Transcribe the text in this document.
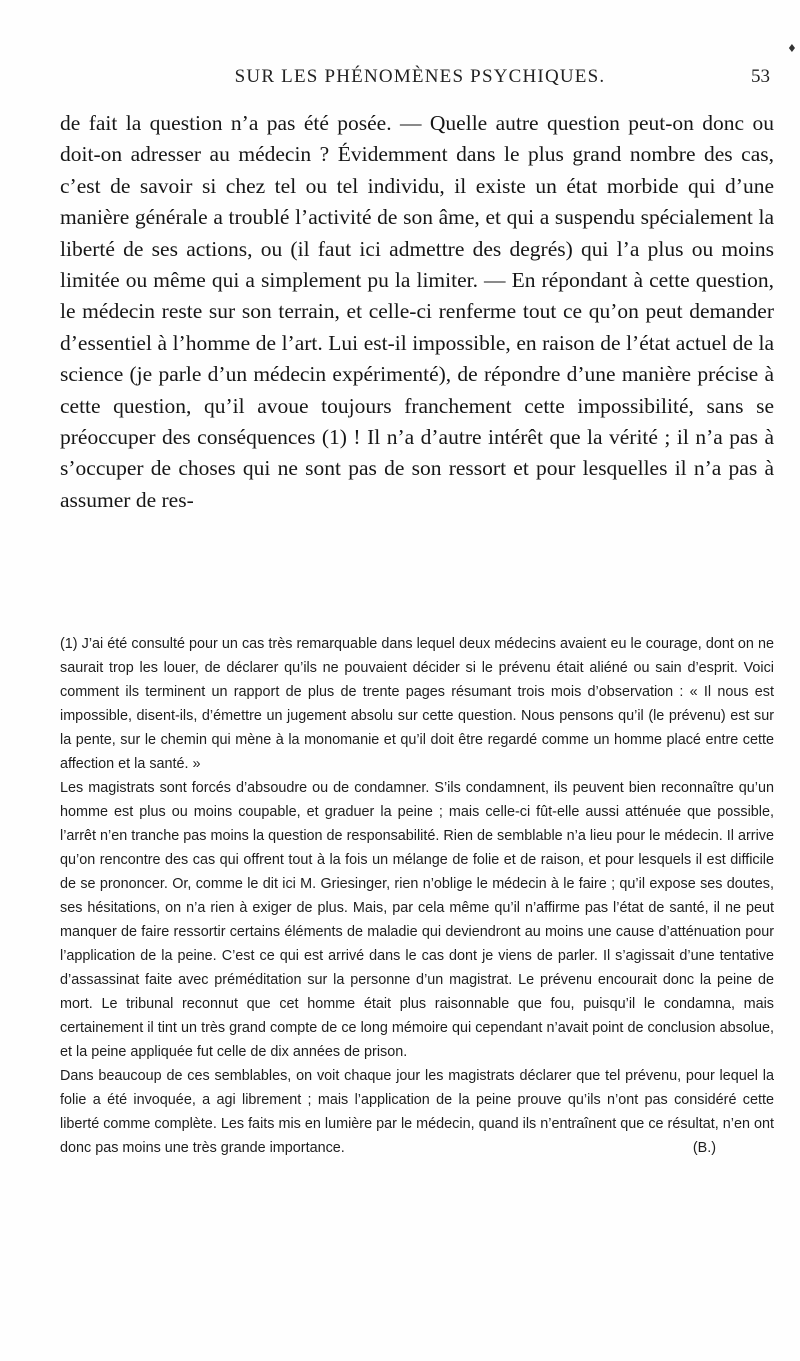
♦
SUR LES PHÉNOMÈNES PSYCHIQUES.	53

de fait la question n’a pas été posée. — Quelle autre question peut-on donc ou doit-on adresser au médecin ? Évidemment dans le plus grand nombre des cas, c’est de savoir si chez tel ou tel individu, il existe un état morbide qui d’une manière générale a troublé l’activité de son âme, et qui a suspendu spécialement la liberté de ses actions, ou (il faut ici admettre des degrés) qui l’a plus ou moins limitée ou même qui a simplement pu la limiter. — En répondant à cette question, le médecin reste sur son terrain, et celle-ci renferme tout ce qu’on peut demander d’essentiel à l’homme de l’art. Lui est-il impossible, en raison de l’état actuel de la science (je parle d’un médecin expérimenté), de répondre d’une manière précise à cette question, qu’il avoue toujours franchement cette impossibilité, sans se préoccuper des conséquences (1) ! Il n’a d’autre intérêt que la vérité ; il n’a pas à s’occuper de choses qui ne sont pas de son ressort et pour lesquelles il n’a pas à assumer de res-

(1) J’ai été consulté pour un cas très remarquable dans lequel deux médecins avaient eu le courage, dont on ne saurait trop les louer, de déclarer qu’ils ne pouvaient décider si le prévenu était aliéné ou sain d’esprit. Voici comment ils terminent un rapport de plus de trente pages résumant trois mois d’observation : « Il nous est impossible, disent-ils, d’émettre un jugement absolu sur cette question. Nous pensons qu’il (le prévenu) est sur la pente, sur le chemin qui mène à la monomanie et qu’il doit être regardé comme un homme placé entre cette affection et la santé. »

Les magistrats sont forcés d’absoudre ou de condamner. S’ils condamnent, ils peuvent bien reconnaître qu’un homme est plus ou moins coupable, et graduer la peine ; mais celle-ci fût-elle aussi atténuée que possible, l’arrêt n’en tranche pas moins la question de responsabilité. Rien de semblable n’a lieu pour le médecin. Il arrive qu’on rencontre des cas qui offrent tout à la fois un mélange de folie et de raison, et pour lesquels il est difficile de se prononcer. Or, comme le dit ici M. Griesinger, rien n’oblige le médecin à le faire ; qu’il expose ses doutes, ses hésitations, on n’a rien à exiger de plus. Mais, par cela même qu’il n’affirme pas l’état de santé, il ne peut manquer de faire ressortir certains éléments de maladie qui deviendront au moins une cause d’atténuation pour l’application de la peine. C’est ce qui est arrivé dans le cas dont je viens de parler. Il s’agissait d’une tentative d’assassinat faite avec préméditation sur la personne d’un magistrat. Le prévenu encourait donc la peine de mort. Le tribunal reconnut que cet homme était plus raisonnable que fou, puisqu’il le condamna, mais certainement il tint un très grand compte de ce long mémoire qui cependant n’avait point de conclusion absolue, et la peine appliquée fut celle de dix années de prison.

Dans beaucoup de ces semblables, on voit chaque jour les magistrats déclarer que tel prévenu, pour lequel la folie a été invoquée, a agi librement ; mais l’application de la peine prouve qu’ils n’ont pas considéré cette liberté comme complète. Les faits mis en lumière par le médecin, quand ils n’entraînent que ce résultat, n’en ont donc pas moins une très grande importance.	(B.)
